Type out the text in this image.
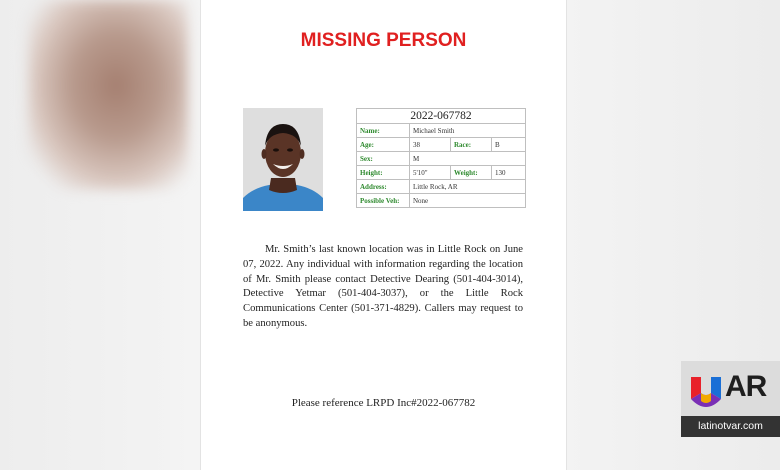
MISSING PERSON
2022-067782			
Name:	Michael Smith		
Age:	38	Race:	B
Sex:	M		
Height:	5'10"	Weight:	130
Address:	Little Rock, AR		
Possible Veh:	None		
Mr. Smith’s last known location was in Little Rock on June 07, 2022. Any individual with information regarding the location of Mr. Smith please contact Detective Dearing (501-404-3014), Detective Yetmar (501-404-3037), or the Little Rock Communications Center (501-371-4829). Callers may request to be anonymous.
Please reference LRPD Inc#2022-067782	AR
latinotvar.com
